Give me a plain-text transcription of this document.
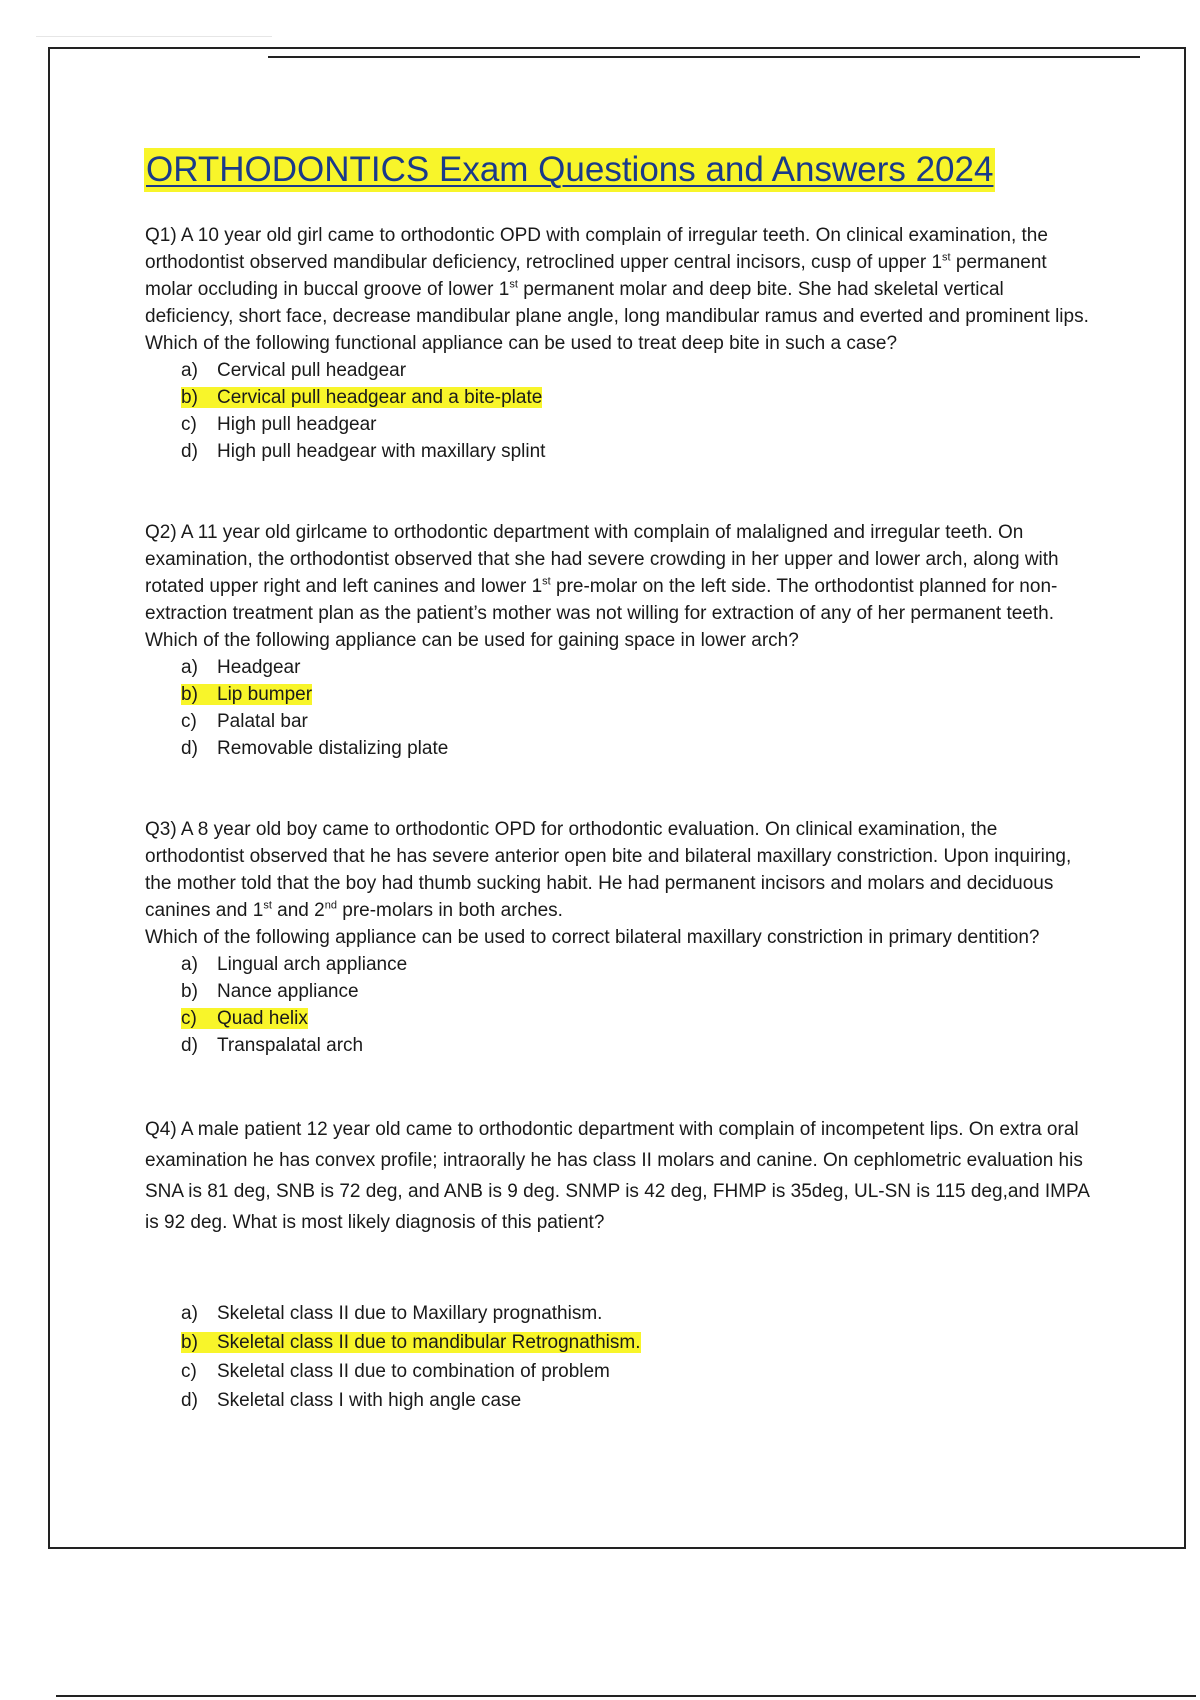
ORTHODONTICS Exam Questions and Answers 2024

Q1) A 10 year old girl came to orthodontic OPD with complain of irregular teeth. On clinical examination, the orthodontist observed mandibular deficiency, retroclined upper central incisors, cusp of upper 1st permanent molar occluding in buccal groove of lower 1st permanent molar and deep bite. She had skeletal vertical deficiency, short face, decrease mandibular plane angle, long mandibular ramus and everted and prominent lips.

Which of the following functional appliance can be used to treat deep bite in such a case?

a) Cervical pull headgear
b) Cervical pull headgear and a bite-plate
c) High pull headgear
d) High pull headgear with maxillary splint

Q2) A 11 year old girlcame to orthodontic department with complain of malaligned and irregular teeth. On examination, the orthodontist observed that she had severe crowding in her upper and lower arch, along with rotated upper right and left canines and lower 1st pre-molar on the left side. The orthodontist planned for non-extraction treatment plan as the patient’s mother was not willing for extraction of any of her permanent teeth.

Which of the following appliance can be used for gaining space in lower arch?

a) Headgear
b) Lip bumper
c) Palatal bar
d) Removable distalizing plate

Q3) A 8 year old boy came to orthodontic OPD for orthodontic evaluation. On clinical examination, the orthodontist observed that he has severe anterior open bite and bilateral maxillary constriction. Upon inquiring, the mother told that the boy had thumb sucking habit. He had permanent incisors and molars and deciduous canines and 1st and 2nd pre-molars in both arches.

Which of the following appliance can be used to correct bilateral maxillary constriction in primary dentition?

a) Lingual arch appliance
b) Nance appliance
c) Quad helix
d) Transpalatal arch

Q4) A male patient 12 year old came to orthodontic department with complain of incompetent lips. On extra oral examination he has convex profile; intraorally he has class II molars and canine. On cephlometric evaluation his SNA is 81 deg, SNB is 72 deg, and ANB is 9 deg. SNMP is 42 deg, FHMP is 35deg, UL-SN is 115 deg,and IMPA is 92 deg. What is most likely diagnosis of this patient?

a) Skeletal class II due to Maxillary prognathism.
b) Skeletal class II due to mandibular Retrognathism.
c) Skeletal class II due to combination of problem
d) Skeletal class I with high angle case
